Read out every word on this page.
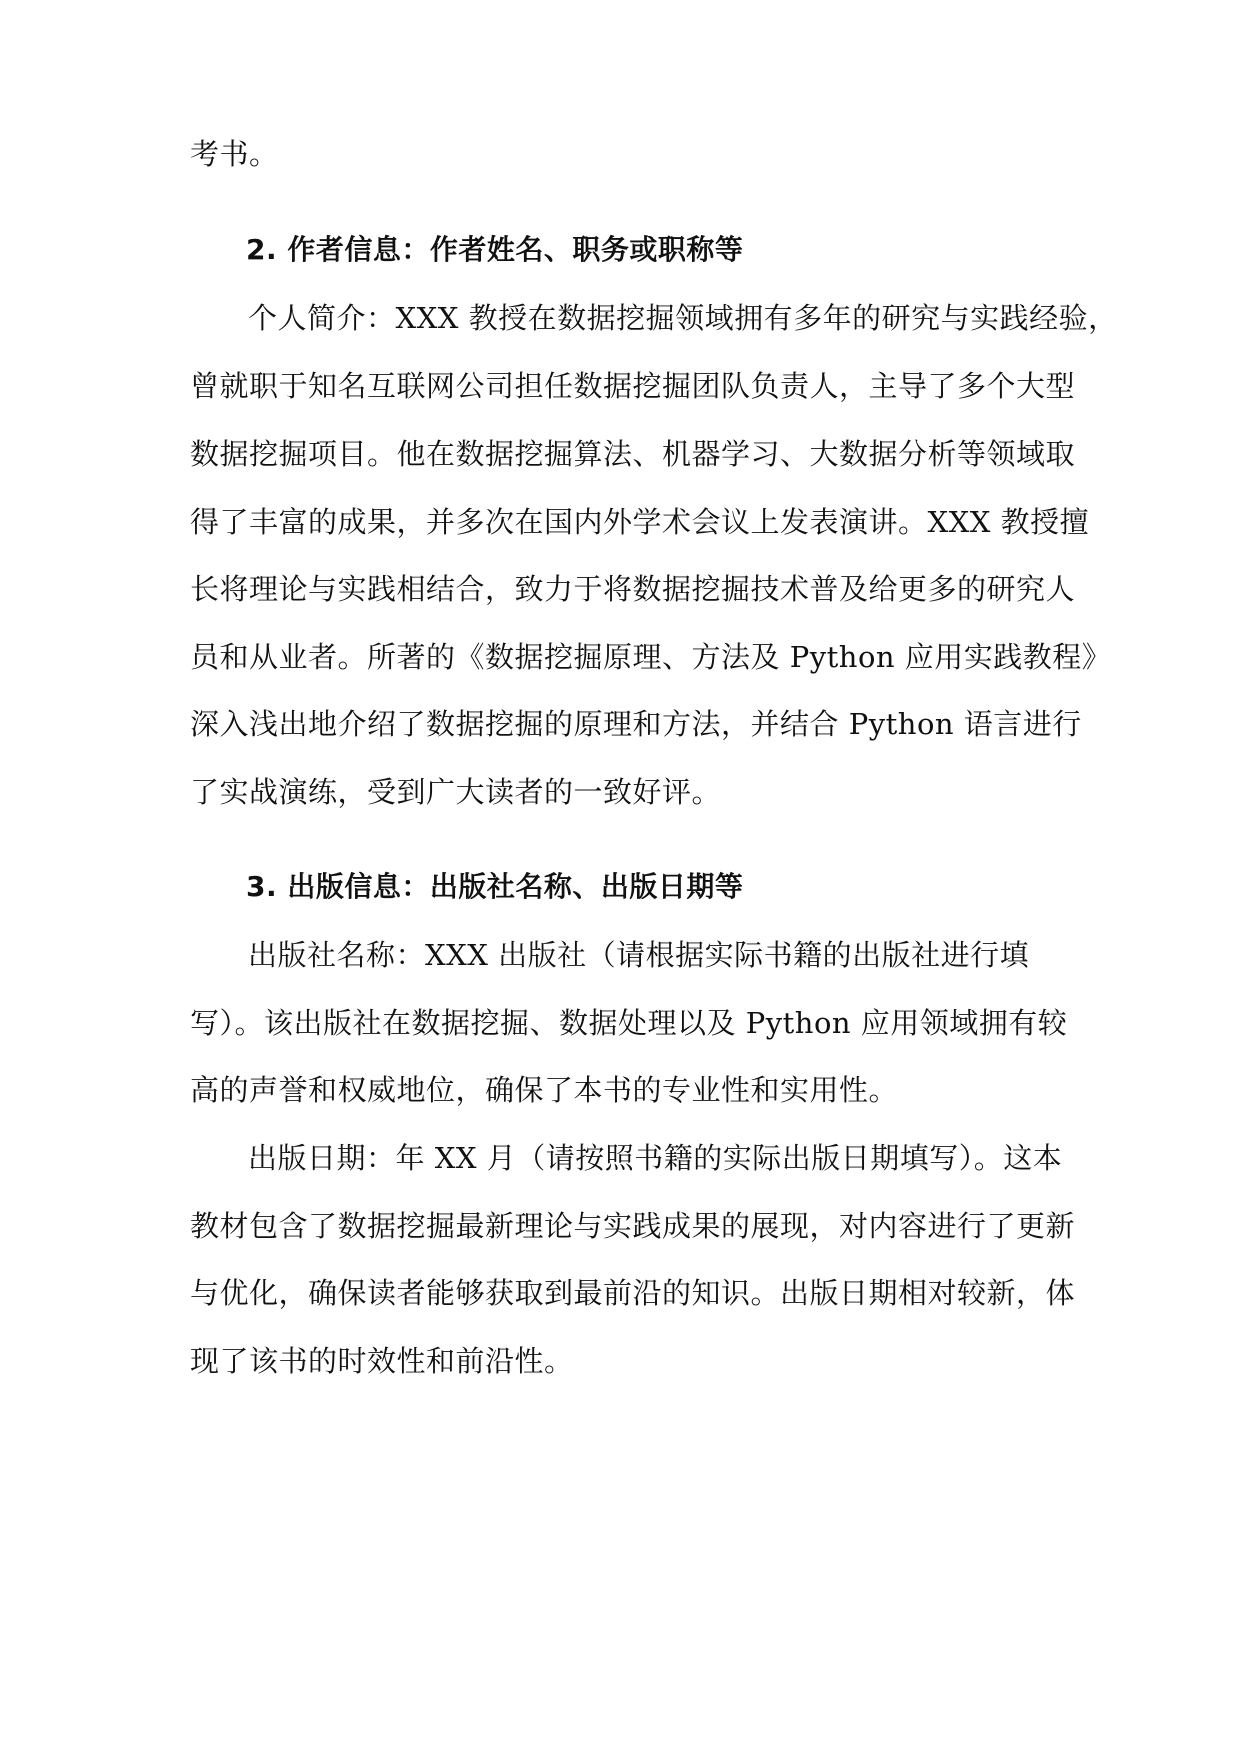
考书。
2. 作者信息：作者姓名、职务或职称等
个人简介：XXX 教授在数据挖掘领域拥有多年的研究与实践经验，
曾就职于知名互联网公司担任数据挖掘团队负责人，主导了多个大型
数据挖掘项目。他在数据挖掘算法、机器学习、大数据分析等领域取
得了丰富的成果，并多次在国内外学术会议上发表演讲。XXX 教授擅
长将理论与实践相结合，致力于将数据挖掘技术普及给更多的研究人
员和从业者。所著的《数据挖掘原理、方法及 Python 应用实践教程》
深入浅出地介绍了数据挖掘的原理和方法，并结合 Python 语言进行
了实战演练，受到广大读者的一致好评。
3. 出版信息：出版社名称、出版日期等
出版社名称：XXX 出版社（请根据实际书籍的出版社进行填
写）。该出版社在数据挖掘、数据处理以及 Python 应用领域拥有较
高的声誉和权威地位，确保了本书的专业性和实用性。
出版日期：年 XX 月（请按照书籍的实际出版日期填写）。这本
教材包含了数据挖掘最新理论与实践成果的展现，对内容进行了更新
与优化，确保读者能够获取到最前沿的知识。出版日期相对较新，体
现了该书的时效性和前沿性。
